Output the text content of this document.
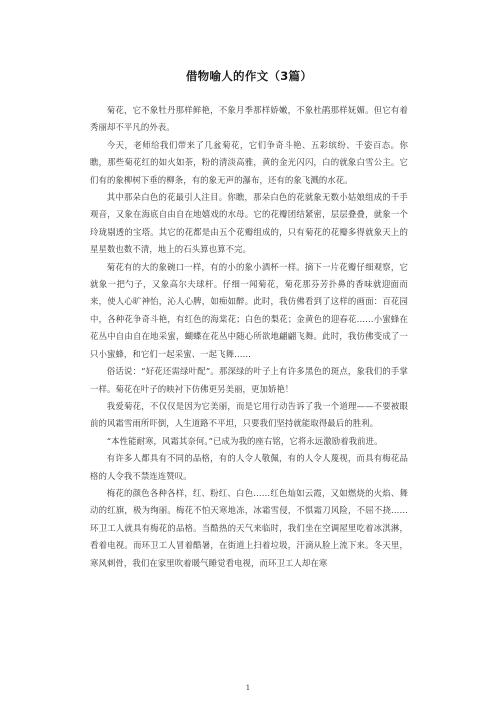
借物喻人的作文（3篇）

菊花，它不象牡丹那样鲜艳，不象月季那样娇嫩，不象杜鹃那样妩媚。但它有着秀丽却不平凡的外表。

今天，老师给我们带来了几盆菊花，它们争奇斗艳、五彩缤纷、千姿百态。你瞧，那些菊花红的如火如荼，粉的清淡高雅，黄的金光闪闪，白的就象白雪公主。它们有的象柳树下垂的柳条，有的象无声的瀑布，还有的象飞溅的水花。

其中那朵白色的花最引人注目。你瞧，那朵白色的花就象无数小姑娘组成的千手观音，又象在海底自由自在地嬉戏的水母。它的花瓣团结紧密，层层叠叠，就象一个玲珑剔透的宝塔。其它的花都是由五个花瓣组成的，只有菊花的花瓣多得就象天上的星星数也数不清，地上的石头算也算不完。

菊花有的大的象碗口一样，有的小的象小酒杯一样。摘下一片花瓣仔细观察，它就象一把勺子，又象高尔夫球杆。仔细一闻菊花，菊花那芬芳扑鼻的香味就迎面而来，使人心旷神怡，沁人心脾，如痴如醉。此时，我仿佛看到了这样的画面：百花园中，各种花争奇斗艳，有红色的海棠花；白色的梨花；金黄色的迎春花……小蜜蜂在花丛中自由自在地采蜜，蝴蝶在花丛中随心所欲地翩翩飞舞。此时，我仿佛变成了一只小蜜蜂，和它们一起采蜜、一起飞舞……

俗话说：“好花还需绿叶配”。那深绿的叶子上有许多黑色的斑点，象我们的手掌一样。菊花在叶子的映衬下仿佛更另美丽，更加娇艳！

我爱菊花，不仅仅是因为它美丽，而是它用行动告诉了我一个道理——不要被眼前的风霜雪雨所吓倒，人生道路不平坦，只要我们坚持就能取得最后的胜利。

“本性能耐寒，风霜其奈何。”已成为我的座右铭，它将永远激励着我前进。

有许多人都具有不同的品格，有的人令人敬佩，有的人令人蔑视，而具有梅花品格的人令我不禁连连赞叹。

梅花的颜色各种各样，红、粉红、白色……红色灿如云霞，又如燃烧的火焰、舞动的红旗，极为绚丽。梅花不怕天寒地冻，冰霜雪侵，不惧霜刀风险，不屈不挠……环卫工人就具有梅花的品格。当酷热的天气来临时，我们坐在空调屋里吃着冰淇淋，看着电视。而环卫工人冒着酷暑，在街道上扫着垃圾，汗滴从脸上流下来。冬天里，寒风刺骨，我们在家里吹着暖气睡觉看电视，而环卫工人却在寒

1
